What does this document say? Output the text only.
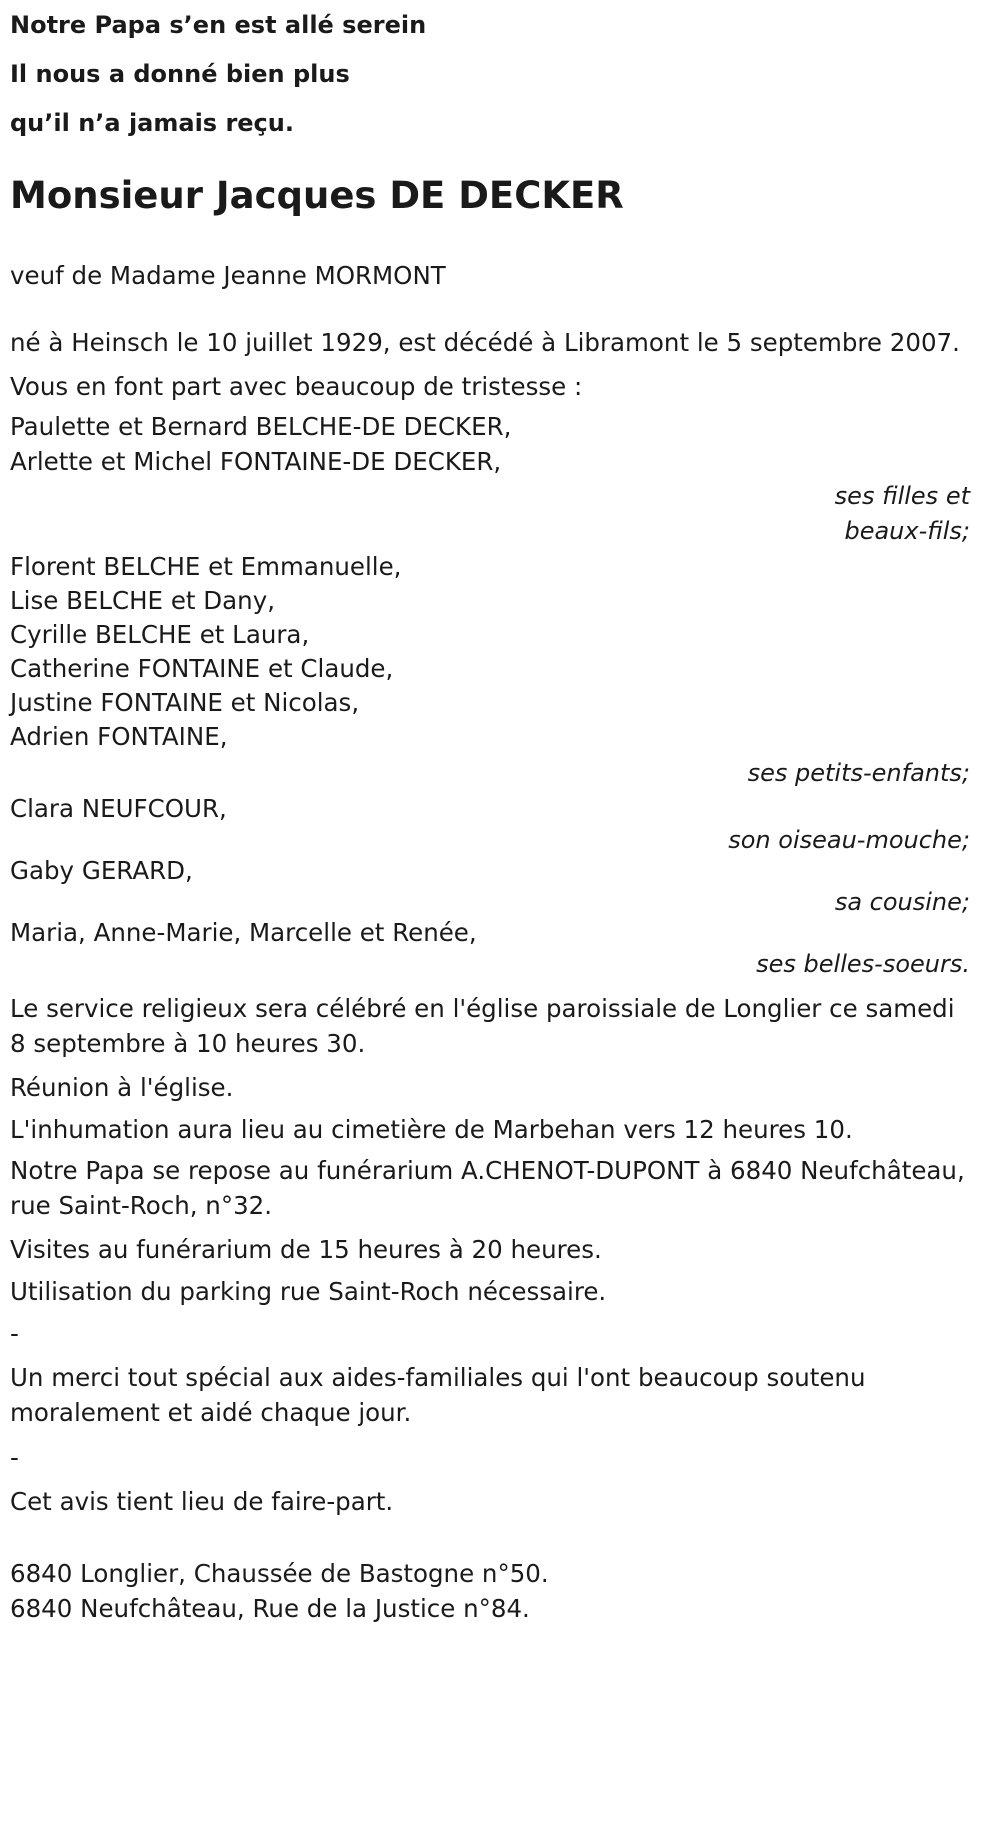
Notre Papa s’en est allé serein
Il nous a donné bien plus
qu’il n’a jamais reçu.
Monsieur Jacques DE DECKER
veuf de Madame Jeanne MORMONT
né à Heinsch le 10 juillet 1929, est décédé à Libramont le 5 septembre 2007.
Vous en font part avec beaucoup de tristesse :
Paulette et Bernard BELCHE-DE DECKER,
Arlette et Michel FONTAINE-DE DECKER,
ses filles et
beaux-fils;
Florent BELCHE et Emmanuelle,
Lise BELCHE et Dany,
Cyrille BELCHE et Laura,
Catherine FONTAINE et Claude,
Justine FONTAINE et Nicolas,
Adrien FONTAINE,
ses petits-enfants;
Clara NEUFCOUR,
son oiseau-mouche;
Gaby GERARD,
sa cousine;
Maria, Anne-Marie, Marcelle et Renée,
ses belles-soeurs.
Le service religieux sera célébré en l'église paroissiale de Longlier ce samedi 8 septembre à 10 heures 30.
Réunion à l'église.
L'inhumation aura lieu au cimetière de Marbehan vers 12 heures 10.
Notre Papa se repose au funérarium A.CHENOT-DUPONT à 6840 Neufchâteau, rue Saint-Roch, n°32.
Visites au funérarium de 15 heures à 20 heures.
Utilisation du parking rue Saint-Roch nécessaire.
-
Un merci tout spécial aux aides-familiales qui l'ont beaucoup soutenu moralement et aidé chaque jour.
-
Cet avis tient lieu de faire-part.
6840 Longlier, Chaussée de Bastogne n°50.
6840 Neufchâteau, Rue de la Justice n°84.
